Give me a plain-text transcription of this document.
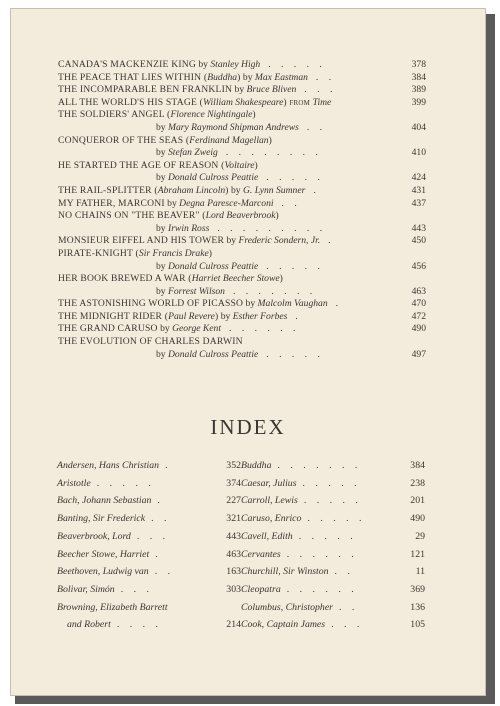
CANADA'S MACKENZIE KING by Stanley High . . . . .	378
THE PEACE THAT LIES WITHIN (Buddha) by Max Eastman . .	384
THE INCOMPARABLE BEN FRANKLIN by Bruce Bliven . . .	389
ALL THE WORLD'S HIS STAGE (William Shakespeare) from Time	399
THE SOLDIERS' ANGEL (Florence Nightingale)
by Mary Raymond Shipman Andrews . .	404
CONQUEROR OF THE SEAS (Ferdinand Magellan)
by Stefan Zweig . . . . . . . .	410
HE STARTED THE AGE OF REASON (Voltaire)
by Donald Culross Peattie . . . . .	424
THE RAIL-SPLITTER (Abraham Lincoln) by G. Lynn Sumner .	431
MY FATHER, MARCONI by Degna Paresce-Marconi . .	437
NO CHAINS ON "THE BEAVER" (Lord Beaverbrook)
by Irwin Ross . . . . . . . . .	443
MONSIEUR EIFFEL AND HIS TOWER by Frederic Sondern, Jr. .	450
PIRATE-KNIGHT (Sir Francis Drake)
by Donald Culross Peattie . . . . .	456
HER BOOK BREWED A WAR (Harriet Beecher Stowe)
by Forrest Wilson . . . . . . .	463
THE ASTONISHING WORLD OF PICASSO by Malcolm Vaughan .	470
THE MIDNIGHT RIDER (Paul Revere) by Esther Forbes .	472
THE GRAND CARUSO by George Kent . . . . . .	490
THE EVOLUTION OF CHARLES DARWIN
by Donald Culross Peattie . . . . .	497
INDEX
Andersen, Hans Christian .	352
Aristotle . . . . .	374
Bach, Johann Sebastian .	227
Banting, Sir Frederick . .	321
Beaverbrook, Lord . . .	443
Beecher Stowe, Harriet .	463
Beethoven, Ludwig van . .	163
Bolivar, Simón . . .	303
Browning, Elizabeth Barrett
and Robert . . . .	214
Buddha . . . . . . .	384
Caesar, Julius . . . . .	238
Carroll, Lewis . . . . .	201
Caruso, Enrico . . . . .	490
Cavell, Edith . . . . .	29
Cervantes . . . . . .	121
Churchill, Sir Winston . .	11
Cleopatra . . . . . .	369
Columbus, Christopher . .	136
Cook, Captain James . . .	105
